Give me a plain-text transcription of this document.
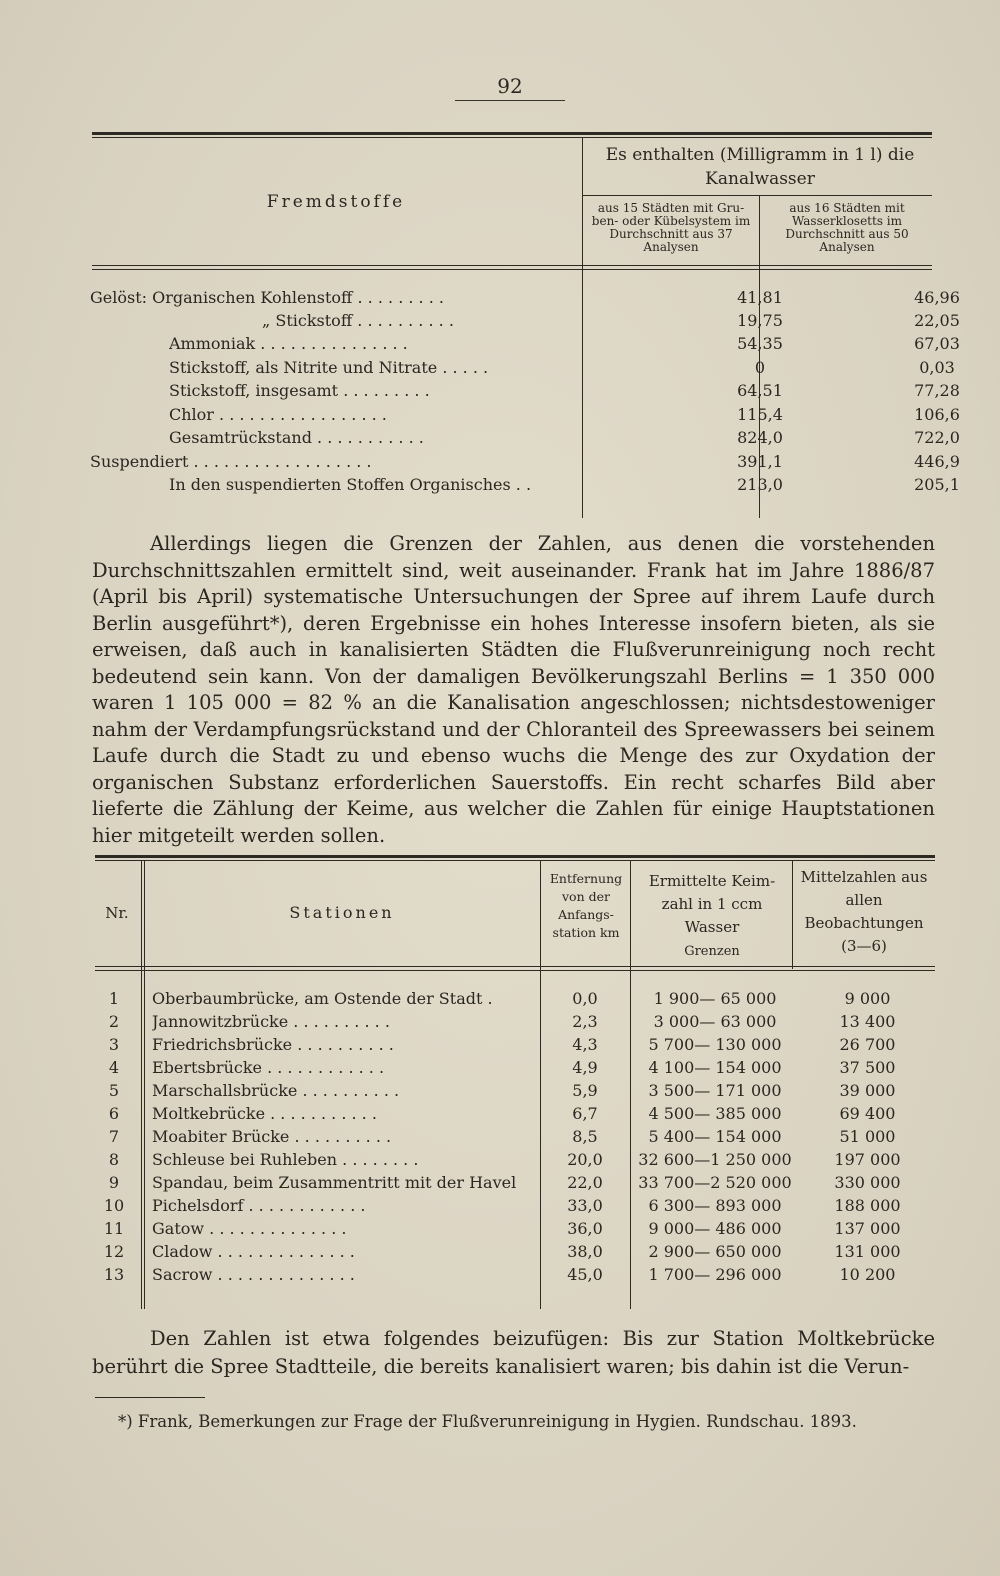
92
Fremdstoffe
Es enthalten (Milligramm in 1 l) die Kanalwasser
aus 15 Städten mit Gru-ben- oder Kübelsystem im Durchschnitt aus 37 Analysen
aus 16 Städten mit Wasserklosetts im Durchschnitt aus 50 Analysen
Gelöst: Organischen Kohlenstoff . . . . . . . . .	41,81	46,96
„ Stickstoff . . . . . . . . . .	19,75	22,05
Ammoniak . . . . . . . . . . . . . . .	54,35	67,03
Stickstoff, als Nitrite und Nitrate . . . . .	0	0,03
Stickstoff, insgesamt . . . . . . . . .	64,51	77,28
Chlor . . . . . . . . . . . . . . . . .	115,4	106,6
Gesamtrückstand . . . . . . . . . . .	824,0	722,0
Suspendiert . . . . . . . . . . . . . . . . . .	391,1	446,9
In den suspendierten Stoffen Organisches . .	213,0	205,1
Allerdings liegen die Grenzen der Zahlen, aus denen die vorstehenden Durchschnittszahlen ermittelt sind, weit auseinander. Frank hat im Jahre 1886/87 (April bis April) systematische Untersuchungen der Spree auf ihrem Laufe durch Berlin ausgeführt*), deren Ergebnisse ein hohes Interesse insofern bieten, als sie erweisen, daß auch in kanalisierten Städten die Flußverunreinigung noch recht bedeutend sein kann. Von der damaligen Bevölkerungszahl Berlins = 1 350 000 waren 1 105 000 = 82 % an die Kanalisation angeschlossen; nichtsdestoweniger nahm der Verdampfungsrückstand und der Chloranteil des Spreewassers bei seinem Laufe durch die Stadt zu und ebenso wuchs die Menge des zur Oxydation der organischen Substanz erforderlichen Sauerstoffs. Ein recht scharfes Bild aber lieferte die Zählung der Keime, aus welcher die Zahlen für einige Hauptstationen hier mitgeteilt werden sollen.
Nr.	Stationen
Entfernung von der Anfangs-station km
Ermittelte Keim-zahl in 1 ccm Wasser
Grenzen
Mittelzahlen aus allen Beobachtungen (3—6)
1	Oberbaumbrücke, am Ostende der Stadt .	0,0	1 900— 65 000	9 000
2	Jannowitzbrücke . . . . . . . . . .	2,3	3 000— 63 000	13 400
3	Friedrichsbrücke . . . . . . . . . .	4,3	5 700— 130 000	26 700
4	Ebertsbrücke . . . . . . . . . . . .	4,9	4 100— 154 000	37 500
5	Marschallsbrücke . . . . . . . . . .	5,9	3 500— 171 000	39 000
6	Moltkebrücke . . . . . . . . . . .	6,7	4 500— 385 000	69 400
7	Moabiter Brücke . . . . . . . . . .	8,5	5 400— 154 000	51 000
8	Schleuse bei Ruhleben . . . . . . . .	20,0	32 600—1 250 000	197 000
9	Spandau, beim Zusammentritt mit der Havel	22,0	33 700—2 520 000	330 000
10	Pichelsdorf . . . . . . . . . . . .	33,0	6 300— 893 000	188 000
11	Gatow . . . . . . . . . . . . . .	36,0	9 000— 486 000	137 000
12	Cladow . . . . . . . . . . . . . .	38,0	2 900— 650 000	131 000
13	Sacrow . . . . . . . . . . . . . .	45,0	1 700— 296 000	10 200
Den Zahlen ist etwa folgendes beizufügen: Bis zur Station Moltkebrücke berührt die Spree Stadtteile, die bereits kanalisiert waren; bis dahin ist die Verun-
*) Frank, Bemerkungen zur Frage der Flußverunreinigung in Hygien. Rundschau. 1893.
